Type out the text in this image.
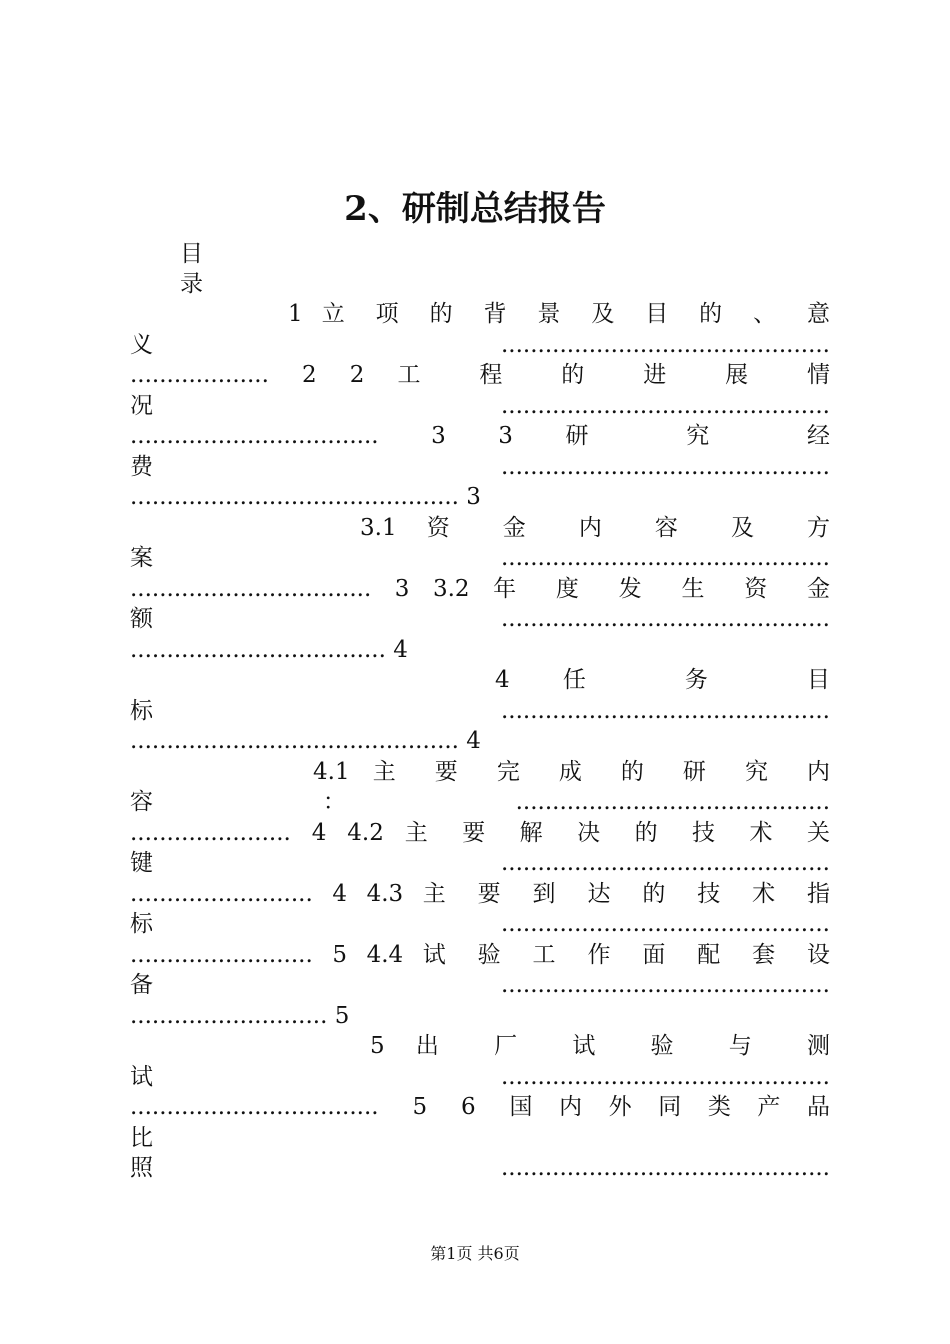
2、研制总结报告
目
录
1 立 项 的 背 景 及 目 的 、 意
义.............................................
................... 2 2 工 程 的 进 展 情
况.............................................
.................................. 3 3 研 究 经
费.............................................
............................................. 3
3.1 资 金 内 容 及 方
案.............................................
................................. 3 3.2 年 度 发 生 资 金
额.............................................
................................... 4
4 任 务 目
标.............................................
............................................. 4
4.1 主 要 完 成 的 研 究 内
容：...........................................
...................... 4 4.2 主 要 解 决 的 技 术 关
键.............................................
......................... 4 4.3 主 要 到 达 的 技 术 指
标.............................................
......................... 5 4.4 试 验 工 作 面 配 套 设
备.............................................
........................... 5
5 出 厂 试 验 与 测
试.............................................
.................................. 5 6 国内外同类产品
比
照.............................................
第1页 共6页
